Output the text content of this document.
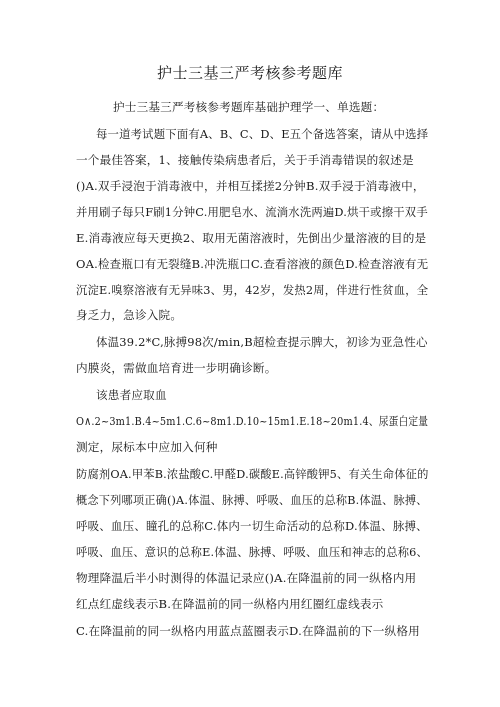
护士三基三严考核参考题库
护士三基三严考核参考题库基础护理学一、单选题：
每一道考试题下面有A、B、C、D、E五个备选答案，请从中选择
一个最佳答案，1、接触传染病患者后，关于手消毒错误的叙述是
()A.双手浸泡于消毒液中，并相互揉搓2分钟B.双手浸于消毒液中，
并用刷子每只F刷1分钟C.用肥皂水、流淌水洗两遍D.烘干或擦干双手
E.消毒液应每天更换2、取用无菌溶液时，先倒出少量溶液的目的是
OA.检查瓶口有无裂缝B.冲洗瓶口C.查看溶液的颜色D.检查溶液有无
沉淀E.嗅察溶液有无异味3、男，42岁，发热2周，伴进行性贫血，全
身乏力，急诊入院。
体温39.2*C,脉搏98次/min,B超检查提示脾大，初诊为亚急性心
内膜炎，需做血培育进一步明确诊断。
该患者应取血
O∧.2~3m1.B.4~5m1.C.6~8m1.D.10~15m1.E.18~20m1.4、尿蛋白定量
测定，尿标本中应加入何种
防腐剂OA.甲苯B.浓盐酸C.甲醛D.碳酸E.高锌酸钾5、有关生命体征的
概念下列哪项正确()A.体温、脉搏、呼吸、血压的总称B.体温、脉搏、
呼吸、血压、瞳孔的总称C.体内一切生命活动的总称D.体温、脉搏、
呼吸、血压、意识的总称E.体温、脉搏、呼吸、血压和神志的总称6、
物理降温后半小时测得的体温记录应()A.在降温前的同一纵格内用
红点红虚线表示B.在降温前的同一纵格内用红圈红虚线表示
C.在降温前的同一纵格内用蓝点蓝圈表示D.在降温前的下一纵格用
